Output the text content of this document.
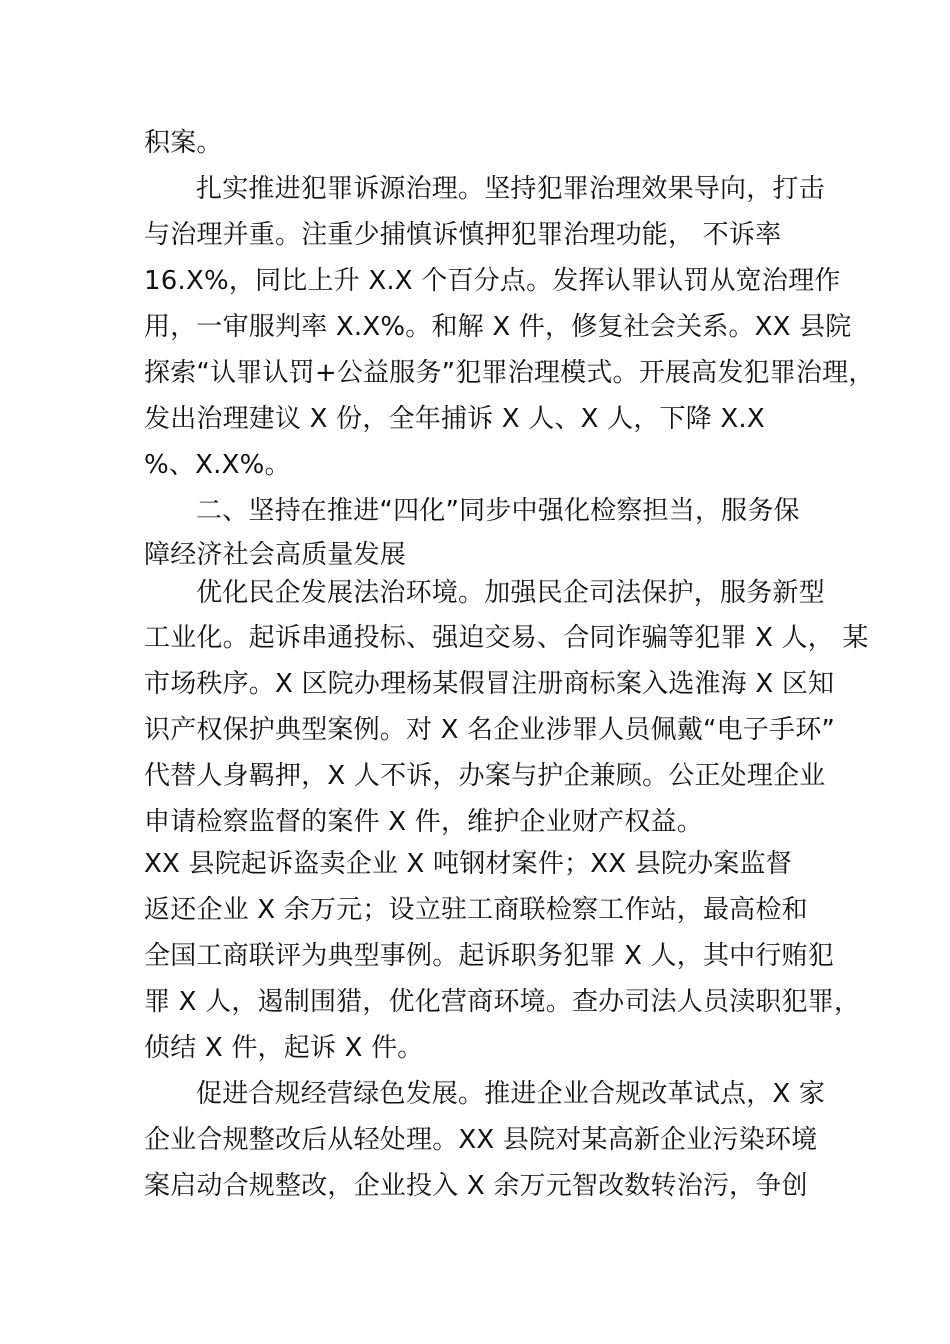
积案。
扎实推进犯罪诉源治理。坚持犯罪治理效果导向，打击
与治理并重。注重少捕慎诉慎押犯罪治理功能， 不诉率
16.X%，同比上升 X.X 个百分点。发挥认罪认罚从宽治理作
用，一审服判率 X.X%。和解 X 件，修复社会关系。XX 县院
探索“认罪认罚+公益服务”犯罪治理模式。开展高发犯罪治理，
发出治理建议 X 份，全年捕诉 X 人、X 人，下降 X.X
%、X.X%。
二、坚持在推进“四化”同步中强化检察担当，服务保
障经济社会高质量发展
优化民企发展法治环境。加强民企司法保护，服务新型
工业化。起诉串通投标、强迫交易、合同诈骗等犯罪 X 人， 某
市场秩序。X 区院办理杨某假冒注册商标案入选淮海 X 区知
识产权保护典型案例。对 X 名企业涉罪人员佩戴“电子手环”
代替人身羁押，X 人不诉，办案与护企兼顾。公正处理企业
申请检察监督的案件 X 件，维护企业财产权益。
XX 县院起诉盗卖企业 X 吨钢材案件；XX 县院办案监督
返还企业 X 余万元；设立驻工商联检察工作站，最高检和
全国工商联评为典型事例。起诉职务犯罪 X 人，其中行贿犯
罪 X 人，遏制围猎，优化营商环境。查办司法人员渎职犯罪，
侦结 X 件，起诉 X 件。
促进合规经营绿色发展。推进企业合规改革试点，X 家
企业合规整改后从轻处理。XX 县院对某高新企业污染环境
案启动合规整改，企业投入 X 余万元智改数转治污，争创
